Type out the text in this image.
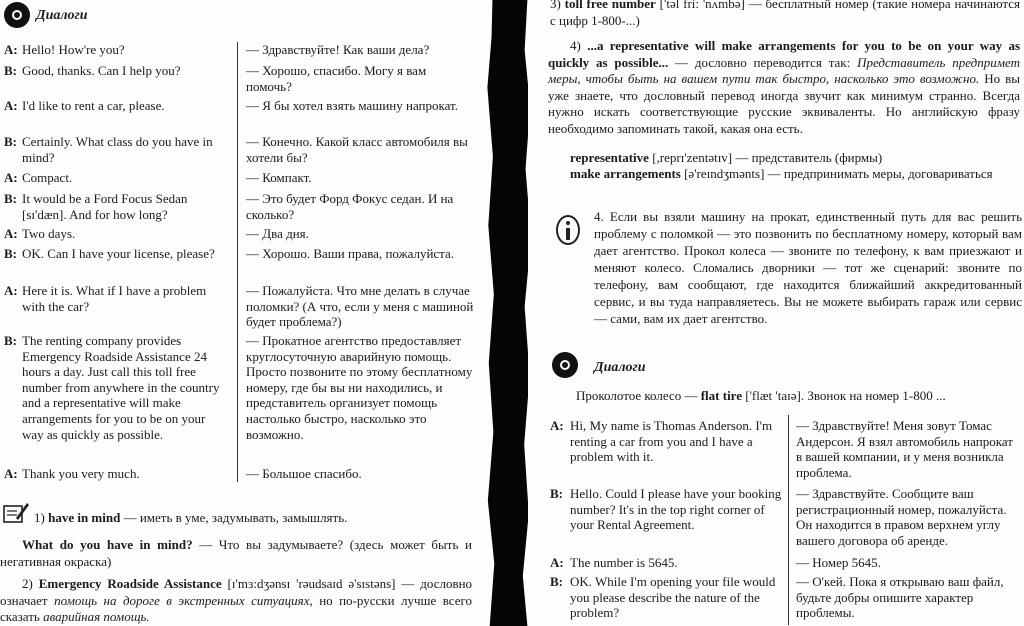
Диалоги
A: Hello! How're you?	— Здравствуйте! Как ваши дела?
B: Good, thanks. Can I help you?	— Хорошо, спасибо. Могу я вам помочь?
A: I'd like to rent a car, please.	— Я бы хотел взять машину напрокат.
B: Certainly. What class do you have in mind?
— Конечно. Какой класс автомобиля вы хотели бы?
A: Compact.	— Компакт.
B: It would be a Ford Focus Sedan [sɪ'dæn]. And for how long?
— Это будет Форд Фокус седан. И на сколько?
A: Two days.	— Два дня.
B: OK. Can I have your license, please?	— Хорошо. Ваши права, пожалуйста.
A: Here it is. What if I have a problem with the car?
— Пожалуйста. Что мне делать в случае поломки? (А что, если у меня с машиной будет проблема?)
B: The renting company provides Emergency Roadside Assistance 24 hours a day. Just call this toll free number from anywhere in the country and a representative will make arrangements for you to be on your way as quickly as possible.
— Прокатное агентство предоставляет круглосуточную аварийную помощь. Просто позвоните по этому бесплатному номеру, где бы вы ни находились, и представитель организует помощь настолько быстро, насколько это возможно.
A: Thank you very much.	— Большое спасибо.
1) have in mind — иметь в уме, задумывать, замышлять.
What do you have in mind? — Что вы задумываете? (здесь может быть и негативная окраска)
2) Emergency Roadside Assistance [ɪ'mɜ:dʒənsɪ 'rəudsaɪd ə'sɪstəns] — дословно означает помощь на дороге в экстренных ситуациях, но по-русски лучше всего сказать аварийная помощь.
3) toll free number ['təl fri: 'nʌmbə] — бесплатный номер (такие номера начинаются с цифр 1-800-...)
4) ...a representative will make arrangements for you to be on your way as quickly as possible... — дословно переводится так: Представитель предпримет меры, чтобы быть на вашем пути так быстро, насколько это возможно. Но вы уже знаете, что дословный перевод иногда звучит как минимум странно. Всегда нужно искать соответствующие русские эквиваленты. Но английскую фразу необходимо запоминать такой, какая она есть.
representative [,reprɪ'zentətɪv] — представитель (фирмы)
make arrangements [ə'reɪndʒmənts] — предпринимать меры, договариваться
4. Если вы взяли машину на прокат, единственный путь для вас решить проблему с поломкой — это позвонить по бесплатному номеру, который вам дает агентство. Прокол колеса — звоните по телефону, к вам приезжают и меняют колесо. Сломались дворники — тот же сценарий: звоните по телефону, вам сообщают, где находится ближайший аккредитованный сервис, и вы туда направляетесь. Вы не можете выбирать гараж или сервис — сами, вам их дает агентство.
Диалоги
Проколотое колесо — flat tire ['flæt 'taɪə]. Звонок на номер 1-800 ...
A: Hi, My name is Thomas Anderson. I'm renting a car from you and I have a problem with it.
— Здравствуйте! Меня зовут Томас Андерсон. Я взял автомобиль напрокат в вашей компании, и у меня возникла проблема.
B: Hello. Could I please have your booking number? It's in the top right corner of your Rental Agreement.
— Здравствуйте. Сообщите ваш регистрационный номер, пожалуйста. Он находится в правом верхнем углу вашего договора об аренде.
A: The number is 5645.	— Номер 5645.
B: OK. While I'm opening your file would you please describe the nature of the problem?
— О'кей. Пока я открываю ваш файл, будьте добры опишите характер проблемы.
